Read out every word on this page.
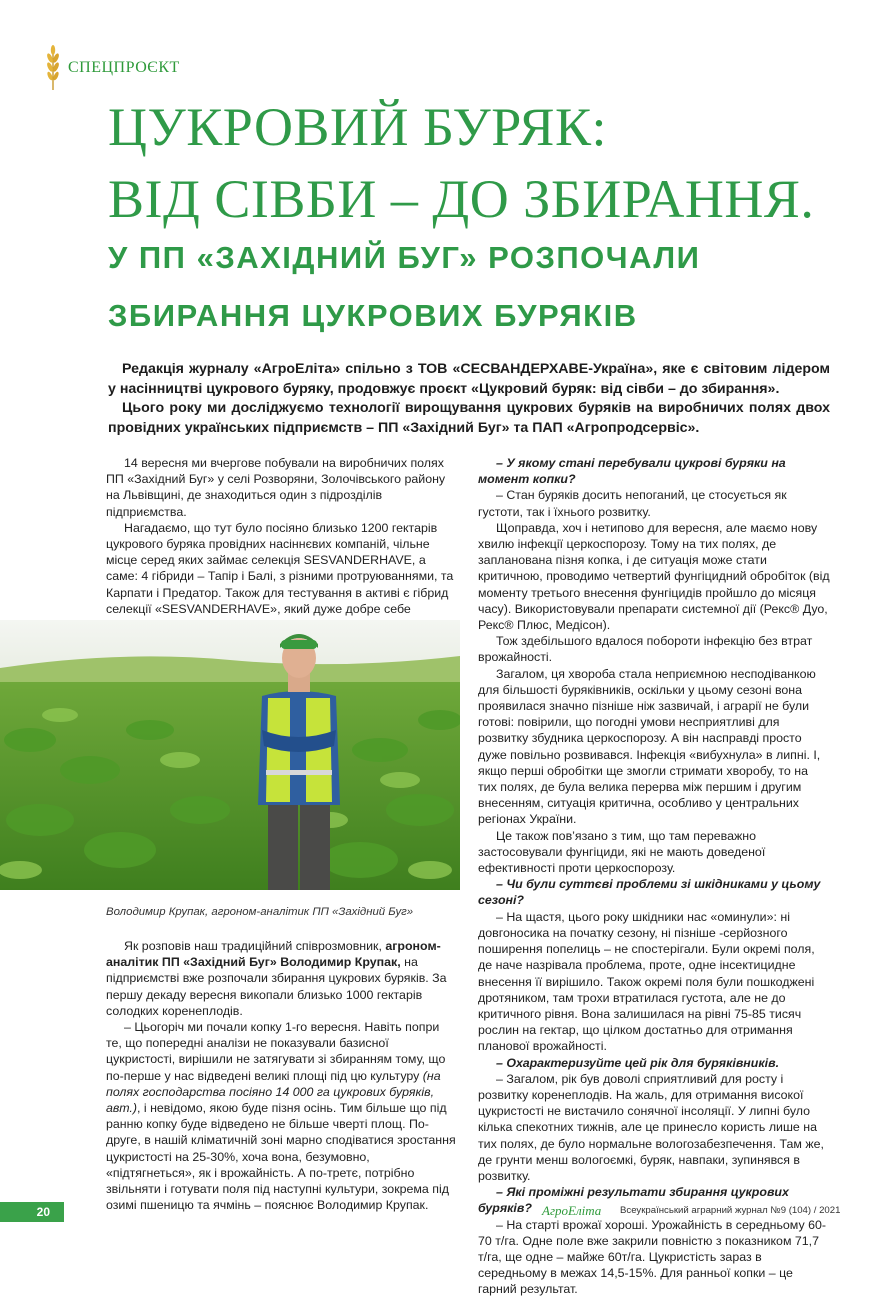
СПЕЦПРОЄКТ
ЦУКРОВИЙ БУРЯК:
ВІД СІВБИ – ДО ЗБИРАННЯ.
У ПП «ЗАХІДНИЙ БУГ» РОЗПОЧАЛИ
ЗБИРАННЯ ЦУКРОВИХ БУРЯКІВ

Редакція журналу «АгроЕліта» спільно з ТОВ «СЕСВАНДЕРХАВЕ-Україна», яке є світовим лідером у насінництві цукрового буряку, продовжує проєкт «Цукровий буряк: від сівби – до збирання».

Цього року ми досліджуємо технології вирощування цукрових буряків на виробничих полях двох провідних українських підприємств – ПП «Західний Буг» та ПАП «Агропродсервіс».

14 вересня ми вчергове побували на виробничих полях ПП «Західний Буг» у селі Розворяни, Золочівського району на Львівщині, де знаходиться один з підрозділів підприємства.

Нагадаємо, що тут було посіяно близько 1200 гектарів цукрового буряка провідних насіннєвих компаній, чільне місце серед яких займає селекція SESVANDERHAVE, а саме: 4 гібриди – Тапір і Балі, з різними протруюваннями, та Карпати і Предатор. Також для тестування в активі є гібрид селекції «SESVANDERHAVE», який дуже добре себе

Володимир Крупак, агроном-аналітик ПП «Західний Буг»

Як розповів наш традиційний співрозмовник, агроном-аналітик ПП «Західний Буг» Володимир Крупак, на підприємстві вже розпочали збирання цукрових буряків. За першу декаду вересня викопали близько 1000 гектарів солодких коренеплодів.

– Цьогоріч ми почали копку 1-го вересня. Навіть попри те, що попередні аналізи не показували базисної цукристості, вирішили не затягувати зі збиранням тому, що по-перше у нас відведені великі площі під цю культуру (на полях господарства посіяно 14 000 га цукрових буряків, авт.), і невідомо, якою буде пізня осінь. Тим більше що під ранню копку буде відведено не більше чверті площ. По-друге, в нашій кліматичній зоні марно сподіватися зростання цукристості на 25-30%, хоча вона, безумовно, «підтягнеться», як і врожайність. А по-третє, потрібно звільняти і готувати поля під наступні культури, зокрема під озимі пшеницю та ячмінь – пояснює Володимир Крупак.

– У якому стані перебували цукрові буряки на момент копки?

– Стан буряків досить непоганий, це стосується як густоти, так і їхнього розвитку.

Щоправда, хоч і нетипово для вересня, але маємо нову хвилю інфекції церкоспорозу. Тому на тих полях, де запланована пізня копка, і де ситуація може стати критичною, проводимо четвертий фунгіцидний обробіток (від моменту третього внесення фунгіцидів пройшло до місяця часу). Використовували препарати системної дії (Рекс® Дуо, Рекс® Плюс, Медісон).

Тож здебільшого вдалося побороти інфекцію без втрат врожайності.

Загалом, ця хвороба стала неприємною несподіванкою для більшості буряківників, оскільки у цьому сезоні вона проявилася значно пізніше ніж зазвичай, і аграрії не були готові: повірили, що погодні умови несприятливі для розвитку збудника церкоспорозу. А він насправді просто дуже повільно розвивався. Інфекція «вибухнула» в липні. І, якщо перші обробітки ще змогли стримати хворобу, то на тих полях, де була велика перерва між першим і другим внесенням, ситуація критична, особливо у центральних регіонах України.

Це також пов’язано з тим, що там переважно застосовували фунгіциди, які не мають доведеної ефективності проти церкоспорозу.

– Чи були суттєві проблеми зі шкідниками у цьому сезоні?

– На щастя, цього року шкідники нас «оминули»: ні довгоносика на початку сезону, ні пізніше -серйозного поширення попелиць – не спостерігали. Були окремі поля, де наче назрівала проблема, проте, одне інсектицидне внесення її вирішило. Також окремі поля були пошкоджені дротяником, там трохи втратилася густота, але не до критичного рівня. Вона залишилася на рівні 75-85 тисяч рослин на гектар, що цілком достатньо для отримання планової врожайності.

– Охарактеризуйте цей рік для буряківників.

– Загалом, рік був доволі сприятливий для росту і розвитку коренеплодів. На жаль, для отримання високої цукристості не вистачило сонячної інсоляції. У липні було кілька спекотних тижнів, але це принесло користь лише на тих полях, де було нормальне вологозабезпечення. Там же, де грунти менш вологоємкі, буряк, навпаки, зупинявся в розвитку.

– Які проміжні результати збирання цукрових буряків?

– На старті врожаї хороші. Урожайність в середньому 60-70 т/га. Одне поле вже закрили повністю з показником 71,7 т/га, ще одне – майже 60т/га. Цукристість зараз в середньому в межах 14,5-15%. Для ранньої копки – це гарний результат.

20	АгроЕліта Всеукраїнський аграрний журнал №9 (104) / 2021
